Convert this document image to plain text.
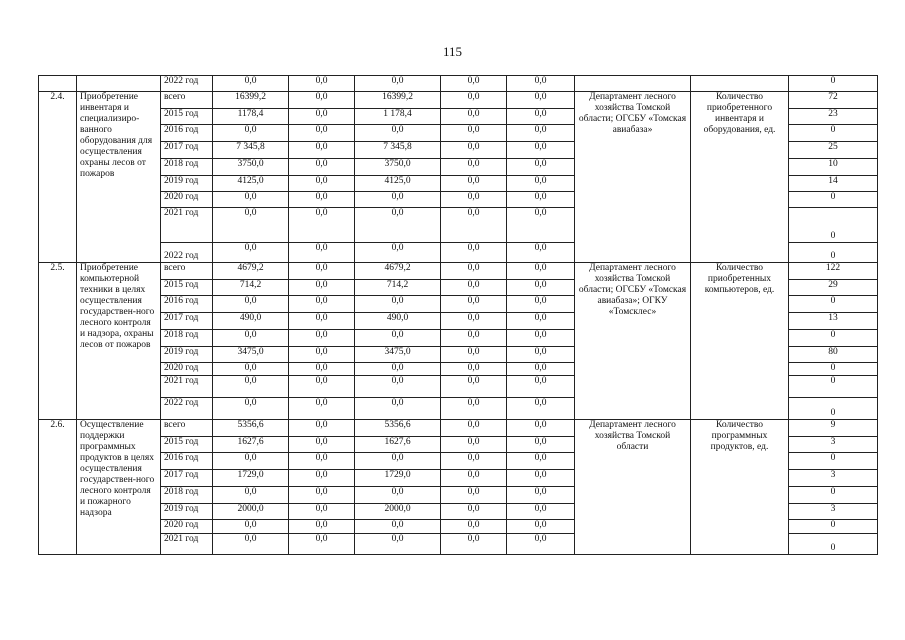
115
		2022 год	0,0	0,0	0,0	0,0	0,0			0
2.4.	Приобретение инвентаря и специализиро-ванного оборудования для осуществления охраны лесов от пожаров	всего	16399,2	0,0	16399,2	0,0	0,0	Департамент лесного хозяйства Томской области; ОГСБУ «Томская авиабаза»	Количество приобретенного инвентаря и оборудования, ед.	72
		2015 год	1178,4	0,0	1 178,4	0,0	0,0			23
		2016 год	0,0	0,0	0,0	0,0	0,0			0
		2017 год	7 345,8	0,0	7 345,8	0,0	0,0			25
		2018 год	3750,0	0,0	3750,0	0,0	0,0			10
		2019 год	4125,0	0,0	4125,0	0,0	0,0			14
		2020 год	0,0	0,0	0,0	0,0	0,0			0
		2021 год	0,0	0,0	0,0	0,0	0,0			0
		2022 год	0,0	0,0	0,0	0,0	0,0			0
2.5.	Приобретение компьютерной техники в целях осуществления государствен-ного лесного контроля и надзора, охраны лесов от пожаров	всего	4679,2	0,0	4679,2	0,0	0,0	Департамент лесного хозяйства Томской области; ОГСБУ «Томская авиабаза»; ОГКУ «Томсклес»	Количество приобретенных компьютеров, ед.	122
		2015 год	714,2	0,0	714,2	0,0	0,0			29
		2016 год	0,0	0,0	0,0	0,0	0,0			0
		2017 год	490,0	0,0	490,0	0,0	0,0			13
		2018 год	0,0	0,0	0,0	0,0	0,0			0
		2019 год	3475,0	0,0	3475,0	0,0	0,0			80
		2020 год	0,0	0,0	0,0	0,0	0,0			0
		2021 год	0,0	0,0	0,0	0,0	0,0			0
		2022 год	0,0	0,0	0,0	0,0	0,0			0
2.6.	Осуществление поддержки программных продуктов в целях осуществления государствен-ного лесного контроля и пожарного надзора	всего	5356,6	0,0	5356,6	0,0	0,0	Департамент лесного хозяйства Томской области	Количество программных продуктов, ед.	9
		2015 год	1627,6	0,0	1627,6	0,0	0,0			3
		2016 год	0,0	0,0	0,0	0,0	0,0			0
		2017 год	1729,0	0,0	1729,0	0,0	0,0			3
		2018 год	0,0	0,0	0,0	0,0	0,0			0
		2019 год	2000,0	0,0	2000,0	0,0	0,0			3
		2020 год	0,0	0,0	0,0	0,0	0,0			0
		2021 год	0,0	0,0	0,0	0,0	0,0			0
